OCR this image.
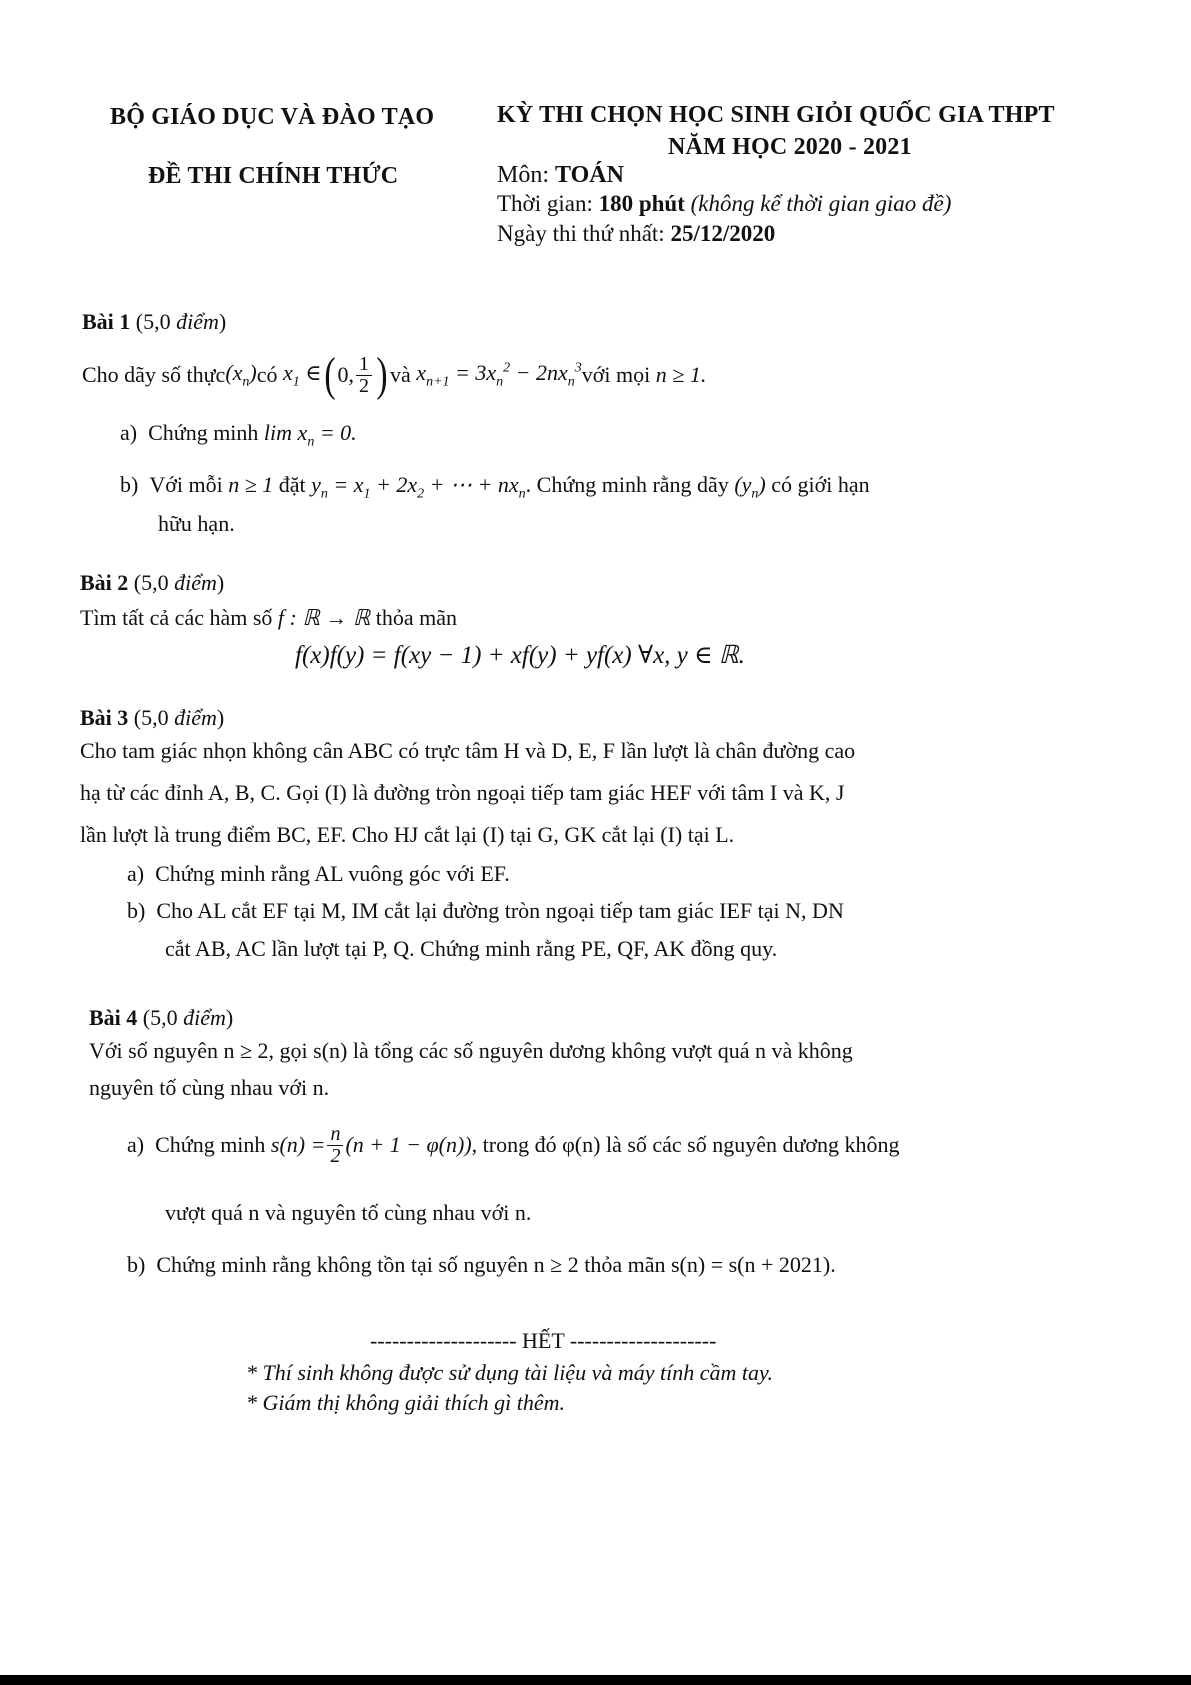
BỘ GIÁO DỤC VÀ ĐÀO TẠO
ĐỀ THI CHÍNH THỨC
KỲ THI CHỌN HỌC SINH GIỎI QUỐC GIA THPT
NĂM HỌC 2020 - 2021
Môn: TOÁN
Thời gian: 180 phút (không kể thời gian giao đề)
Ngày thi thứ nhất: 25/12/2020
Bài 1 (5,0 điểm)
Cho dãy số thực $(x_n)$ có $x_1$ ∈ ( 0, $\frac{1}{2}$ ) và $x_{n+1} = 3x_n^2 - 2nx_n^3$ với mọi n ≥ 1.
a) Chứng minh $\lim x_n = 0$.
b) Với mỗi n ≥ 1 đặt $y_n = x_1 + 2x_2$ + ⋯ + $nx_n$. Chứng minh rằng dãy $(y_n)$ có giới hạn
hữu hạn.
Bài 2 (5,0 điểm)
Tìm tất cả các hàm số f : ℝ → ℝ thỏa mãn
f(x)f(y) = f(xy − 1) + xf(y) + yf(x) ∀x, y ∈ ℝ.
Bài 3 (5,0 điểm)
Cho tam giác nhọn không cân ABC có trực tâm H và D, E, F lần lượt là chân đường cao
hạ từ các đỉnh A, B, C. Gọi (I) là đường tròn ngoại tiếp tam giác HEF với tâm I và K, J
lần lượt là trung điểm BC, EF. Cho HJ cắt lại (I) tại G, GK cắt lại (I) tại L.
a) Chứng minh rằng AL vuông góc với EF.
b) Cho AL cắt EF tại M, IM cắt lại đường tròn ngoại tiếp tam giác IEF tại N, DN
cắt AB, AC lần lượt tại P, Q. Chứng minh rằng PE, QF, AK đồng quy.
Bài 4 (5,0 điểm)
Với số nguyên n ≥ 2, gọi s(n) là tổng các số nguyên dương không vượt quá n và không
nguyên tố cùng nhau với n.
a)
Chứng minh $s(n) = \frac{n}{2} (n + 1 - \varphi(n))$ , trong đó φ(n) là số các số nguyên dương không
vượt quá n và nguyên tố cùng nhau với n.
b) Chứng minh rằng không tồn tại số nguyên n ≥ 2 thỏa mãn s(n) = s(n + 2021).
-------------------- HẾT --------------------
* Thí sinh không được sử dụng tài liệu và máy tính cầm tay.
* Giám thị không giải thích gì thêm.
